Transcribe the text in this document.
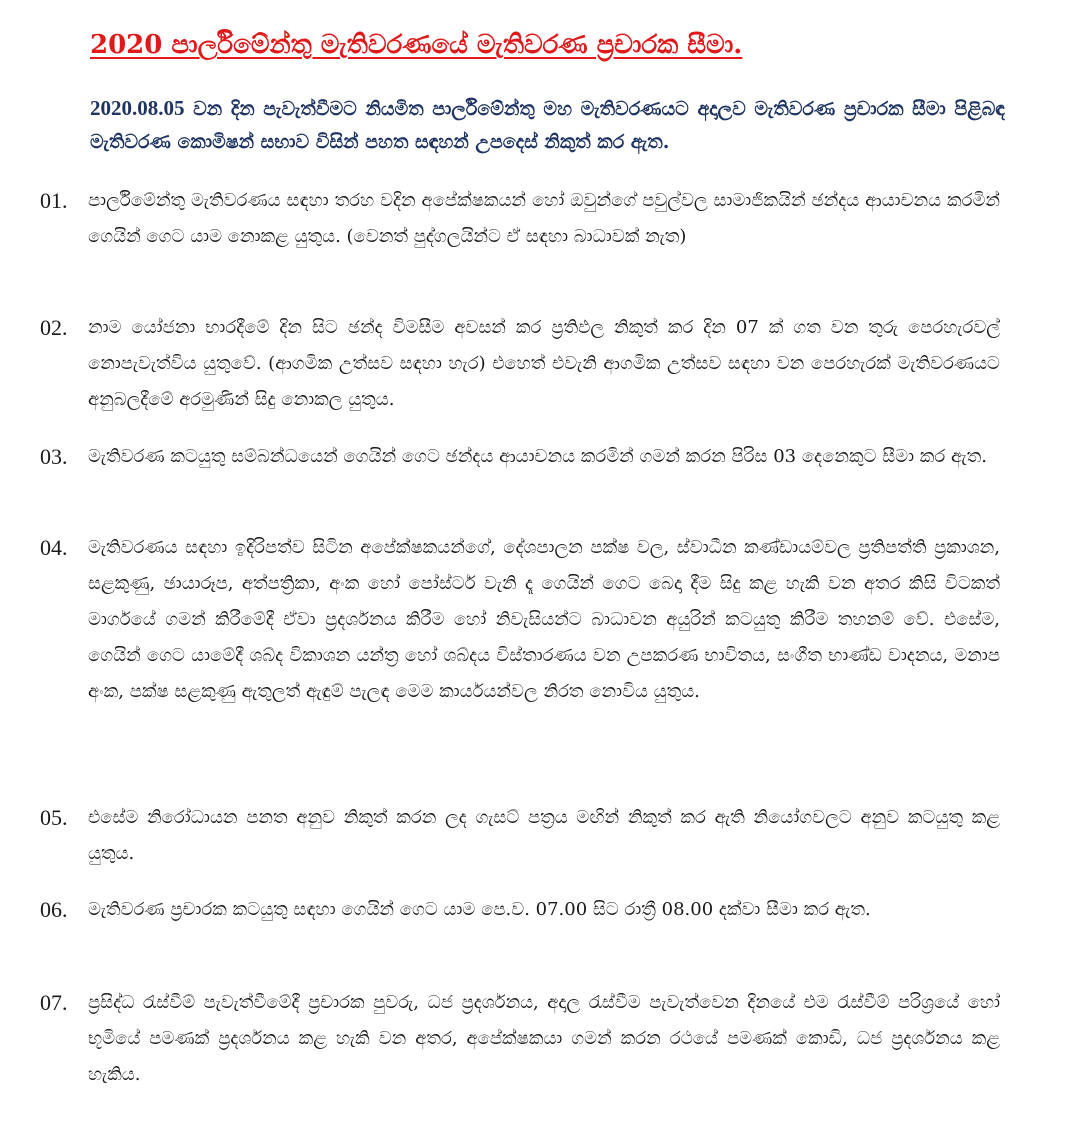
2020 පාර්ලිමේන්තු මැතිවරණයේ මැතිවරණ ප්‍රචාරක සීමා.
2020.08.05 වන දින පැවැත්වීමට නියමිත පාර්ලිමේන්තු මහ මැතිවරණයට අදාලව මැතිවරණ ප්‍රචාරක සීමා පිළිබඳ මැතිවරණ කොමිෂන් සභාව විසින් පහත සඳහන් උපදෙස් නිකුත් කර ඇත.
01.	පාර්ලිමේන්තු මැතිවරණය සඳහා තරහ වදින අපේක්ෂකයන් හෝ ඔවුන්ගේ පවුල්වල සාමාජිකයින් ඡන්දය ආයාචනය කරමින් ගෙයින් ගෙට යාම නොකළ යුතුය. (වෙනත් පුද්ගලයින්ට ඒ සඳහා බාධාවක් නැත)
02.	නාම යෝජනා භාරදීමේ දින සිට ඡන්ද විමසීම අවසන් කර ප්‍රතිඵල නිකුත් කර දින 07 ක් ගත වන තුරු පෙරහැරවල් නොපැවැත්විය යුතුවේ. (ආගමික උත්සව සඳහා හැර) එහෙත් එවැනි ආගමික උත්සව සඳහා වන පෙරහැරක් මැතිවරණයට අනුබලදීමේ අරමුණින් සිදු නොකල යුතුය.
03.	මැතිවරණ කටයුතු සම්බන්ධයෙන් ගෙයින් ගෙට ඡන්දය ආයාචනය කරමින් ගමන් කරන පිරිස 03 දෙනෙකුට සීමා කර ඇත.
04.	මැතිවරණය සඳහා ඉදිරිපත්ව සිටින අපේක්ෂකයන්ගේ, දේශපාලන පක්ෂ වල, ස්වාධීන කණ්ඩායම්වල ප්‍රතිපත්ති ප්‍රකාශන, සළකුණු, ඡායාරූප, අත්පත්‍රිකා, අංක හෝ පෝස්ටර් වැනි දෑ ගෙයින් ගෙට බෙදා දීම සිදු කළ හැකි වන අතර කිසි විටකත් මාර්ගයේ ගමන් කිරීමේදී ඒවා ප්‍රදර්ශනය කිරීම හෝ නිවැසියන්ට බාධාවන අයුරින් කටයුතු කිරීම තහනම් වේ. එසේම, ගෙයින් ගෙට යාමේදී ශබ්ද විකාශන යන්ත්‍ර හෝ ශබ්දය විස්තාරණය වන උපකරණ භාවිතය, සංගීත භාණ්ඩ වාදනය, මනාප අංක, පක්ෂ සළකුණු ඇතුලත් ඇඳුම් පැලඳ මෙම කාර්යයන්වල නිරත නොවිය යුතුය.
05.	එසේම නිරෝධායන පනත අනුව නිකුත් කරන ලද ගැසට් පත්‍රය මඟින් නිකුත් කර ඇති නියෝගවලට අනුව කටයුතු කළ යුතුය.
06.	මැතිවරණ ප්‍රචාරක කටයුතු සඳහා ගෙයින් ගෙට යාම පෙ.ව. 07.00 සිට රාත්‍රී 08.00 දක්වා සීමා කර ඇත.
07.	ප්‍රසිද්ධ රැස්වීම් පැවැත්වීමේදී ප්‍රචාරක පුවරු, ධජ ප්‍රදර්ශනය, අදාල රැස්වීම පැවැත්වෙන දිනයේ එම රැස්වීම් පරිශ්‍රයේ හෝ භූමියේ පමණක් ප්‍රදර්ශනය කළ හැකි වන අතර, අපේක්ෂකයා ගමන් කරන රථයේ පමණක් කොඩි, ධජ ප්‍රදර්ශනය කළ හැකිය.
